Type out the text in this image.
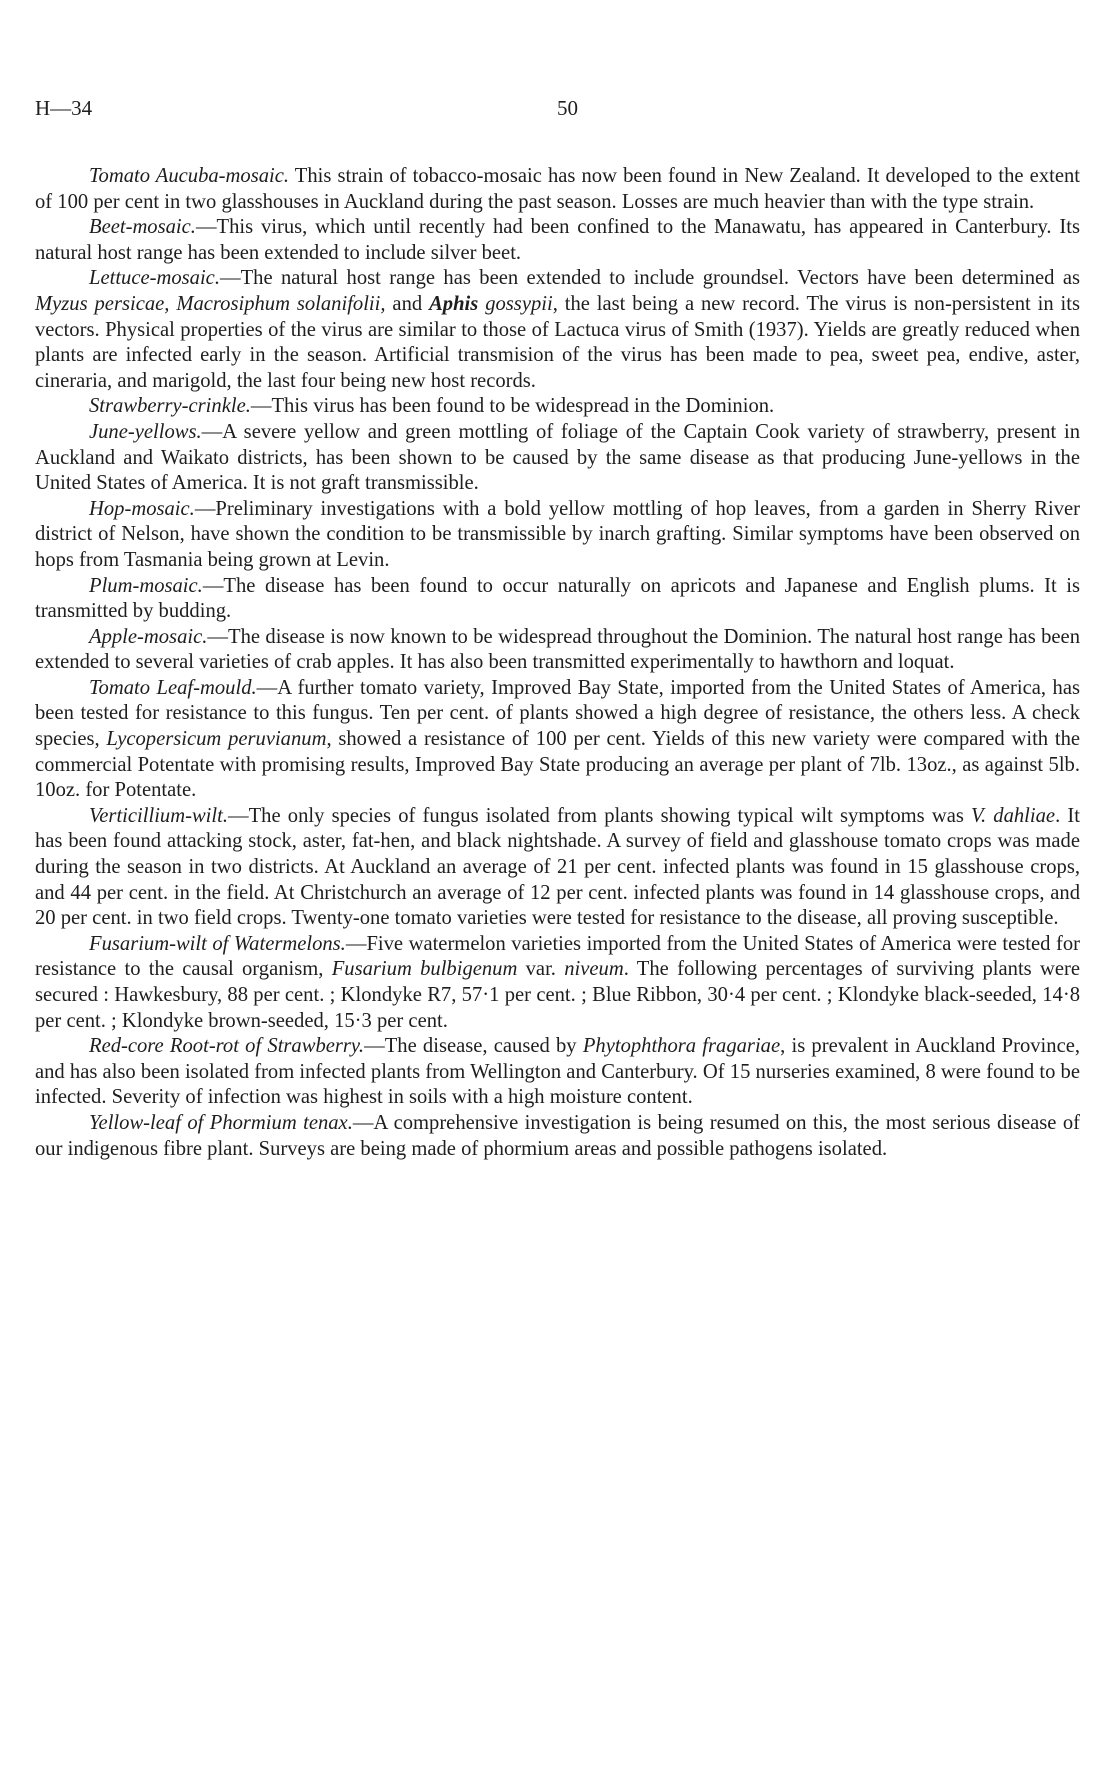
H—34	50

Tomato Aucuba-mosaic. This strain of tobacco-mosaic has now been found in New Zealand. It developed to the extent of 100 per cent in two glasshouses in Auckland during the past season. Losses are much heavier than with the type strain.

Beet-mosaic.—This virus, which until recently had been confined to the Manawatu, has appeared in Canterbury. Its natural host range has been extended to include silver beet.

Lettuce-mosaic.—The natural host range has been extended to include groundsel. Vectors have been determined as Myzus persicae, Macrosiphum solanifolii, and Aphis gossypii, the last being a new record. The virus is non-persistent in its vectors. Physical properties of the virus are similar to those of Lactuca virus of Smith (1937). Yields are greatly reduced when plants are infected early in the season. Artificial transmision of the virus has been made to pea, sweet pea, endive, aster, cineraria, and marigold, the last four being new host records.

Strawberry-crinkle.—This virus has been found to be widespread in the Dominion.

June-yellows.—A severe yellow and green mottling of foliage of the Captain Cook variety of strawberry, present in Auckland and Waikato districts, has been shown to be caused by the same disease as that producing June-yellows in the United States of America. It is not graft transmissible.

Hop-mosaic.—Preliminary investigations with a bold yellow mottling of hop leaves, from a garden in Sherry River district of Nelson, have shown the condition to be transmissible by inarch grafting. Similar symptoms have been observed on hops from Tasmania being grown at Levin.

Plum-mosaic.—The disease has been found to occur naturally on apricots and Japanese and English plums. It is transmitted by budding.

Apple-mosaic.—The disease is now known to be widespread throughout the Dominion. The natural host range has been extended to several varieties of crab apples. It has also been transmitted experimentally to hawthorn and loquat.

Tomato Leaf-mould.—A further tomato variety, Improved Bay State, imported from the United States of America, has been tested for resistance to this fungus. Ten per cent. of plants showed a high degree of resistance, the others less. A check species, Lycopersicum peruvianum, showed a resistance of 100 per cent. Yields of this new variety were compared with the commercial Potentate with promising results, Improved Bay State producing an average per plant of 7lb. 13oz., as against 5lb. 10oz. for Potentate.

Verticillium-wilt.—The only species of fungus isolated from plants showing typical wilt symptoms was V. dahliae. It has been found attacking stock, aster, fat-hen, and black nightshade. A survey of field and glasshouse tomato crops was made during the season in two districts. At Auckland an average of 21 per cent. infected plants was found in 15 glasshouse crops, and 44 per cent. in the field. At Christchurch an average of 12 per cent. infected plants was found in 14 glasshouse crops, and 20 per cent. in two field crops. Twenty-one tomato varieties were tested for resistance to the disease, all proving susceptible.

Fusarium-wilt of Watermelons.—Five watermelon varieties imported from the United States of America were tested for resistance to the causal organism, Fusarium bulbigenum var. niveum. The following percentages of surviving plants were secured : Hawkesbury, 88 per cent. ; Klondyke R7, 57·1 per cent. ; Blue Ribbon, 30·4 per cent. ; Klondyke black-seeded, 14·8 per cent. ; Klondyke brown-seeded, 15·3 per cent.

Red-core Root-rot of Strawberry.—The disease, caused by Phytophthora fragariae, is prevalent in Auckland Province, and has also been isolated from infected plants from Wellington and Canterbury. Of 15 nurseries examined, 8 were found to be infected. Severity of infection was highest in soils with a high moisture content.

Yellow-leaf of Phormium tenax.—A comprehensive investigation is being resumed on this, the most serious disease of our indigenous fibre plant. Surveys are being made of phormium areas and possible pathogens isolated.
